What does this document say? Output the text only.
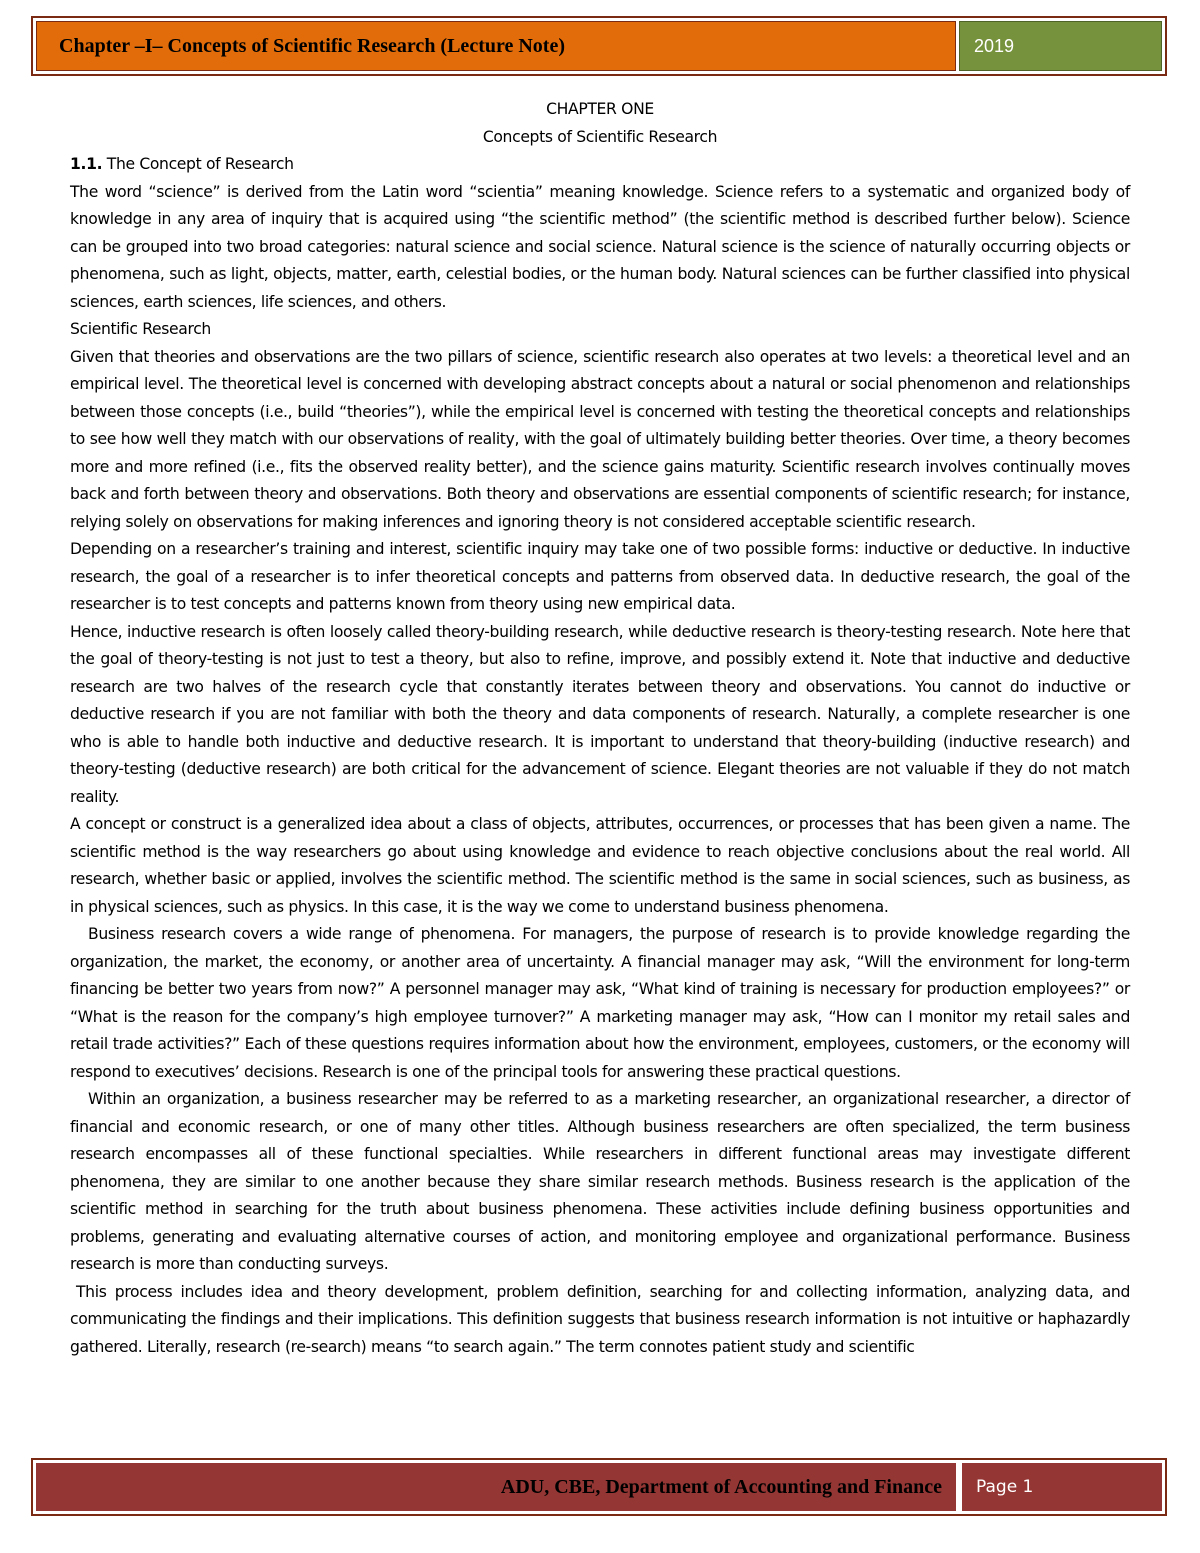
Chapter –I– Concepts of Scientific Research (Lecture Note)	2019

CHAPTER ONE

Concepts of Scientific Research

1.1. The Concept of Research

The word “science” is derived from the Latin word “scientia” meaning knowledge. Science refers to a systematic and organized body of knowledge in any area of inquiry that is acquired using “the scientific method” (the scientific method is described further below). Science can be grouped into two broad categories: natural science and social science. Natural science is the science of naturally occurring objects or phenomena, such as light, objects, matter, earth, celestial bodies, or the human body. Natural sciences can be further classified into physical sciences, earth sciences, life sciences, and others.

Scientific Research

Given that theories and observations are the two pillars of science, scientific research also operates at two levels: a theoretical level and an empirical level. The theoretical level is concerned with developing abstract concepts about a natural or social phenomenon and relationships between those concepts (i.e., build “theories”), while the empirical level is concerned with testing the theoretical concepts and relationships to see how well they match with our observations of reality, with the goal of ultimately building better theories. Over time, a theory becomes more and more refined (i.e., fits the observed reality better), and the science gains maturity. Scientific research involves continually moves back and forth between theory and observations. Both theory and observations are essential components of scientific research; for instance, relying solely on observations for making inferences and ignoring theory is not considered acceptable scientific research.

Depending on a researcher’s training and interest, scientific inquiry may take one of two possible forms: inductive or deductive. In inductive research, the goal of a researcher is to infer theoretical concepts and patterns from observed data. In deductive research, the goal of the researcher is to test concepts and patterns known from theory using new empirical data.

Hence, inductive research is often loosely called theory-building research, while deductive research is theory-testing research. Note here that the goal of theory-testing is not just to test a theory, but also to refine, improve, and possibly extend it. Note that inductive and deductive research are two halves of the research cycle that constantly iterates between theory and observations. You cannot do inductive or deductive research if you are not familiar with both the theory and data components of research. Naturally, a complete researcher is one who is able to handle both inductive and deductive research. It is important to understand that theory-building (inductive research) and theory-testing (deductive research) are both critical for the advancement of science. Elegant theories are not valuable if they do not match reality.

A concept or construct is a generalized idea about a class of objects, attributes, occurrences, or processes that has been given a name. The scientific method is the way researchers go about using knowledge and evidence to reach objective conclusions about the real world. All research, whether basic or applied, involves the scientific method. The scientific method is the same in social sciences, such as business, as in physical sciences, such as physics. In this case, it is the way we come to understand business phenomena.

Business research covers a wide range of phenomena. For managers, the purpose of research is to provide knowledge regarding the organization, the market, the economy, or another area of uncertainty. A financial manager may ask, “Will the environment for long-term financing be better two years from now?” A personnel manager may ask, “What kind of training is necessary for production employees?” or “What is the reason for the company’s high employee turnover?” A marketing manager may ask, “How can I monitor my retail sales and retail trade activities?” Each of these questions requires information about how the environment, employees, customers, or the economy will respond to executives’ decisions. Research is one of the principal tools for answering these practical questions.

Within an organization, a business researcher may be referred to as a marketing researcher, an organizational researcher, a director of financial and economic research, or one of many other titles. Although business researchers are often specialized, the term business research encompasses all of these functional specialties. While researchers in different functional areas may investigate different phenomena, they are similar to one another because they share similar research methods. Business research is the application of the scientific method in searching for the truth about business phenomena. These activities include defining business opportunities and problems, generating and evaluating alternative courses of action, and monitoring employee and organizational performance. Business research is more than conducting surveys.

This process includes idea and theory development, problem definition, searching for and collecting information, analyzing data, and communicating the findings and their implications. This definition suggests that business research information is not intuitive or haphazardly gathered. Literally, research (re-search) means “to search again.” The term connotes patient study and scientific

ADU, CBE, Department of Accounting and Finance Page 1
